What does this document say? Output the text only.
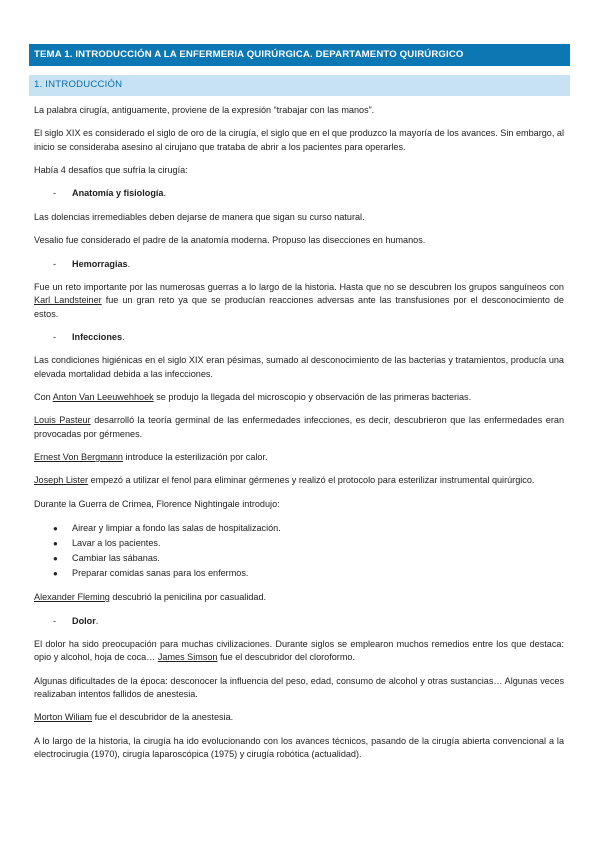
TEMA 1. INTRODUCCIÓN A LA ENFERMERIA QUIRÚRGICA. DEPARTAMENTO QUIRÚRGICO
1. INTRODUCCIÓN

La palabra cirugía, antiguamente, proviene de la expresión “trabajar con las manos”.

El siglo XIX es considerado el siglo de oro de la cirugía, el siglo que en el que produzco la mayoría de los avances. Sin embargo, al inicio se consideraba asesino al cirujano que trataba de abrir a los pacientes para operarles.

Había 4 desafíos que sufría la cirugía:

-	Anatomía y fisiología.

Las dolencias irremediables deben dejarse de manera que sigan su curso natural.

Vesalio fue considerado el padre de la anatomía moderna. Propuso las disecciones en humanos.

-	Hemorragias.

Fue un reto importante por las numerosas guerras a lo largo de la historia. Hasta que no se descubren los grupos sanguíneos con Karl Landsteiner fue un gran reto ya que se producían reacciones adversas ante las transfusiones por el desconocimiento de estos.

-	Infecciones.

Las condiciones higiénicas en el siglo XIX eran pésimas, sumado al desconocimiento de las bacterias y tratamientos, producía una elevada mortalidad debida a las infecciones.

Con Anton Van Leeuwehhoek se produjo la llegada del microscopio y observación de las primeras bacterias.

Louis Pasteur desarrolló la teoría germinal de las enfermedades infecciones, es decir, descubrieron que las enfermedades eran provocadas por gérmenes.

Ernest Von Bergmann introduce la esterilización por calor.

Joseph Lister empezó a utilizar el fenol para eliminar gérmenes y realizó el protocolo para esterilizar instrumental quirúrgico.

Durante la Guerra de Crimea, Florence Nightingale introdujo:

●	Airear y limpiar a fondo las salas de hospitalización.
●	Lavar a los pacientes.
●	Cambiar las sábanas.
●	Preparar comidas sanas para los enfermos.

Alexander Fleming descubrió la penicilina por casualidad.

-	Dolor.

El dolor ha sido preocupación para muchas civilizaciones. Durante siglos se emplearon muchos remedios entre los que destaca: opio y alcohol, hoja de coca… James Simson fue el descubridor del cloroformo.

Algunas dificultades de la época: desconocer la influencia del peso, edad, consumo de alcohol y otras sustancias… Algunas veces realizaban intentos fallidos de anestesia.

Morton Wiliam fue el descubridor de la anestesia.

A lo largo de la historia, la cirugía ha ido evolucionando con los avances técnicos, pasando de la cirugía abierta convencional a la electrocirugía (1970), cirugía laparoscópica (1975) y cirugía robótica (actualidad).
